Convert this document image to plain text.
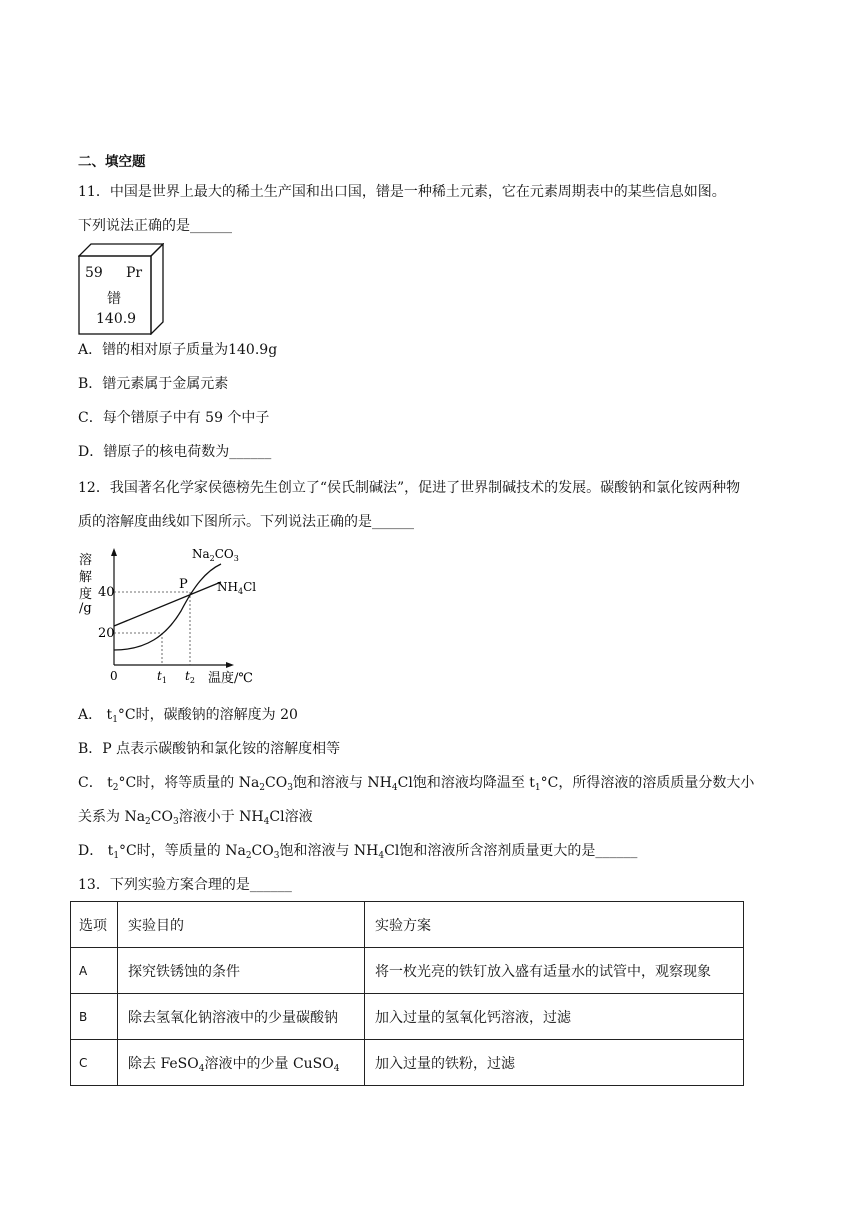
二、填空题
11．中国是世界上最大的稀土生产国和出口国，镨是一种稀土元素，它在元素周期表中的某些信息如图。
下列说法正确的是______
59 Pr
镨
140.9
A．镨的相对原子质量为140.9g
B．镨元素属于金属元素
C．每个镨原子中有 59 个中子
D．镨原子的核电荷数为______
12．我国著名化学家侯德榜先生创立了“侯氏制碱法”，促进了世界制碱技术的发展。碳酸钠和氯化铵两种物
质的溶解度曲线如下图所示。下列说法正确的是______
溶
解
度
/g
40
20
0
P
$Na_2CO_3$
$NH_4Cl$
$t_1$ $t_2$ 温度/℃
A． $t_1^\circ C$时，碳酸钠的溶解度为 20
B．P 点表示碳酸钠和氯化铵的溶解度相等
C． $t_2^\circ C$时，将等质量的 $Na_2CO_3$饱和溶液与 $NH_4Cl$饱和溶液均降温至 $t_1^\circ C$，所得溶液的溶质质量分数大小
关系为 $Na_2CO_3$溶液小于 $NH_4Cl$溶液
D． $t_1^\circ C$时，等质量的 $Na_2CO_3$饱和溶液与 $NH_4Cl$饱和溶液所含溶剂质量更大的是______
13．下列实验方案合理的是______
选项	实验目的	实验方案
A	探究铁锈蚀的条件	将一枚光亮的铁钉放入盛有适量水的试管中，观察现象
B	除去氢氧化钠溶液中的少量碳酸钠	加入过量的氢氧化钙溶液，过滤
C	除去 FeSO$_4$溶液中的少量 CuSO$_4$	加入过量的铁粉，过滤
